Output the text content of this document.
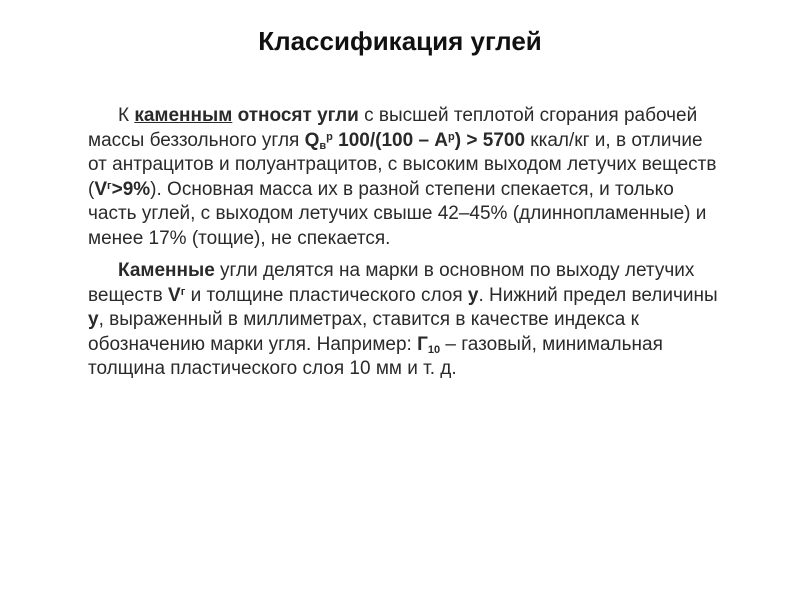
Классификация углей

К каменным относят угли с высшей теплотой сгорания рабочей массы беззольного угля $Q_в^р$ $100/(100 - A^р) > 5700$ ккал/кг и, в отличие от антрацитов и полуантрацитов, с высоким выходом летучих веществ $(V^г>9\%)$. Основная масса их в разной степени спекается, и только часть углей, с выходом летучих свыше 42–45% (длиннопламенные) и менее 17% (тощие), не спекается.

Каменные угли делятся на марки в основном по выходу летучих веществ $V^г$ и толщине пластического слоя у. Нижний предел величины у, выраженный в миллиметрах, ставится в качестве индекса к обозначению марки угля. Например: $Г_{10}$ – газовый, минимальная толщина пластического слоя 10 мм и т. д.
